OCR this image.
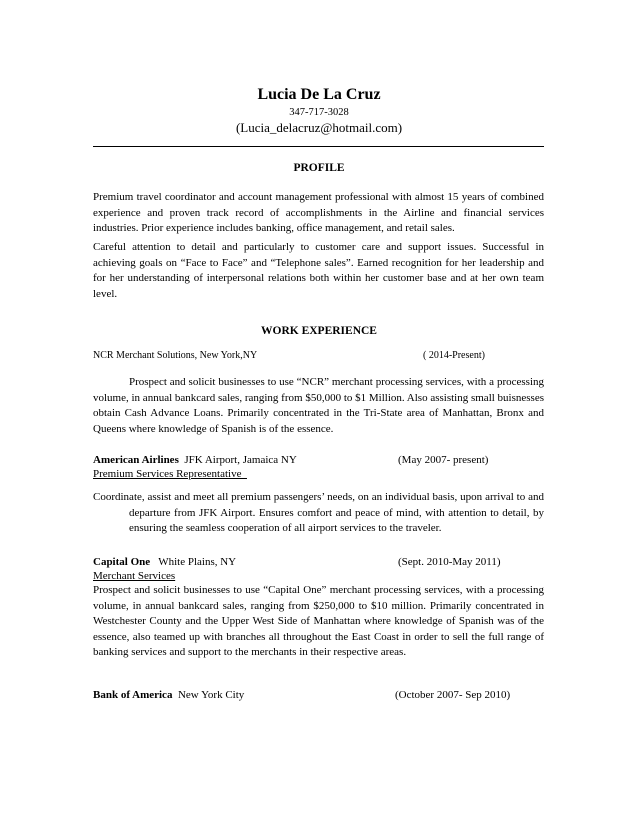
Lucia De La Cruz
347-717-3028
(Lucia_delacruz@hotmail.com)
PROFILE
Premium travel coordinator and account management professional with almost 15 years of combined experience and proven track record of accomplishments in the Airline and financial services industries. Prior experience includes banking, office management, and retail sales.
Careful attention to detail and particularly to customer care and support issues. Successful in achieving goals on “Face to Face” and “Telephone sales”. Earned recognition for her leadership and for her understanding of interpersonal relations both within her customer base and at her own team level.
WORK EXPERIENCE
NCR Merchant Solutions, New York,NY	( 2014-Present)
Prospect and solicit businesses to use “NCR” merchant processing services, with a processing volume, in annual bankcard sales, ranging from $50,000 to $1 Million. Also assisting small buisnesses obtain Cash Advance Loans. Primarily concentrated in the Tri-State area of Manhattan, Bronx and Queens where knowledge of Spanish is of the essence.
American Airlines JFK Airport, Jamaica NY	(May 2007- present)
Premium Services Representative
Coordinate, assist and meet all premium passengers’ needs, on an individual basis, upon arrival to and departure from JFK Airport. Ensures comfort and peace of mind, with attention to detail, by ensuring the seamless cooperation of all airport services to the traveler.
Capital One White Plains, NY	(Sept. 2010-May 2011)
Merchant Services
Prospect and solicit businesses to use “Capital One” merchant processing services, with a processing volume, in annual bankcard sales, ranging from $250,000 to $10 million. Primarily concentrated in Westchester County and the Upper West Side of Manhattan where knowledge of Spanish was of the essence, also teamed up with branches all throughout the East Coast in order to sell the full range of banking services and support to the merchants in their respective areas.
Bank of America New York City	(October 2007- Sep 2010)
